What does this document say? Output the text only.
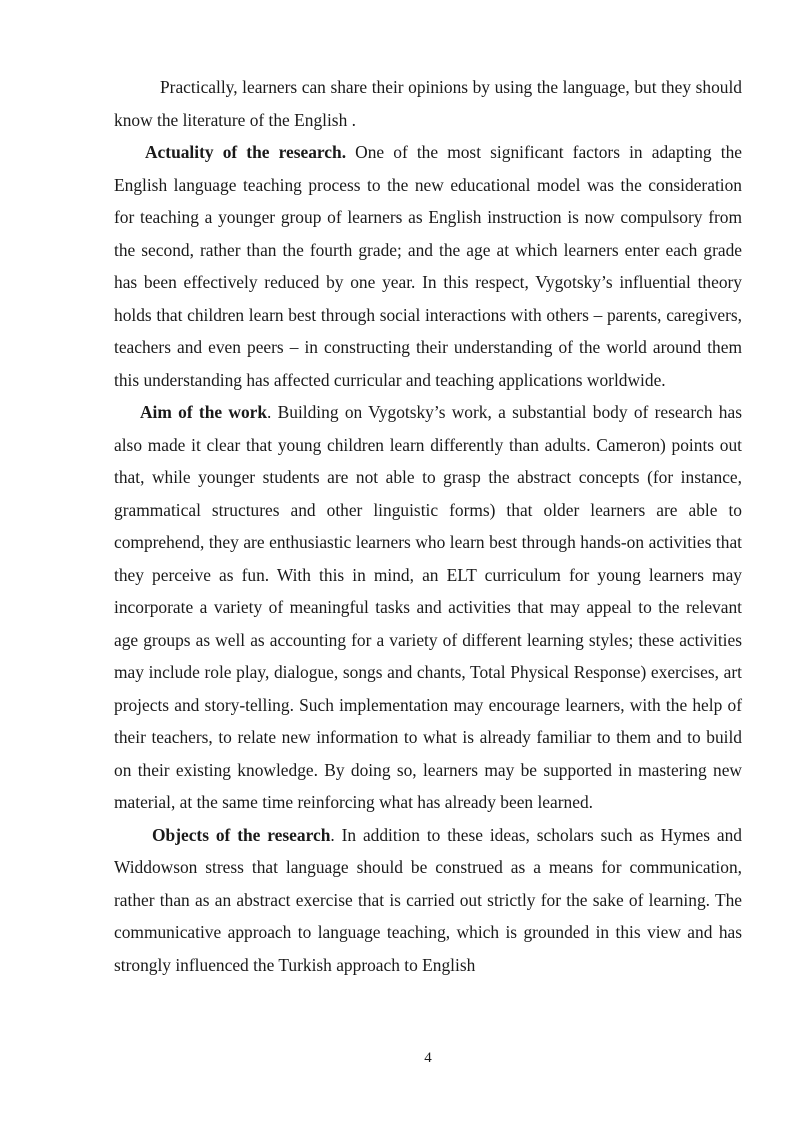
Practically, learners can share their opinions by using the language, but they should know the literature of the English .

Actuality of the research. One of the most significant factors in adapting the English language teaching process to the new educational model was the consideration for teaching a younger group of learners as English instruction is now compulsory from the second, rather than the fourth grade; and the age at which learners enter each grade has been effectively reduced by one year. In this respect, Vygotsky’s influential theory holds that children learn best through social interactions with others – parents, caregivers, teachers and even peers – in constructing their understanding of the world around them this understanding has affected curricular and teaching applications worldwide.

Aim of the work. Building on Vygotsky’s work, a substantial body of research has also made it clear that young children learn differently than adults. Cameron) points out that, while younger students are not able to grasp the abstract concepts (for instance, grammatical structures and other linguistic forms) that older learners are able to comprehend, they are enthusiastic learners who learn best through hands-on activities that they perceive as fun. With this in mind, an ELT curriculum for young learners may incorporate a variety of meaningful tasks and activities that may appeal to the relevant age groups as well as accounting for a variety of different learning styles; these activities may include role play, dialogue, songs and chants, Total Physical Response) exercises, art projects and story-telling. Such implementation may encourage learners, with the help of their teachers, to relate new information to what is already familiar to them and to build on their existing knowledge. By doing so, learners may be supported in mastering new material, at the same time reinforcing what has already been learned.

Objects of the research. In addition to these ideas, scholars such as Hymes and Widdowson stress that language should be construed as a means for communication, rather than as an abstract exercise that is carried out strictly for the sake of learning. The communicative approach to language teaching, which is grounded in this view and has strongly influenced the Turkish approach to English

4
